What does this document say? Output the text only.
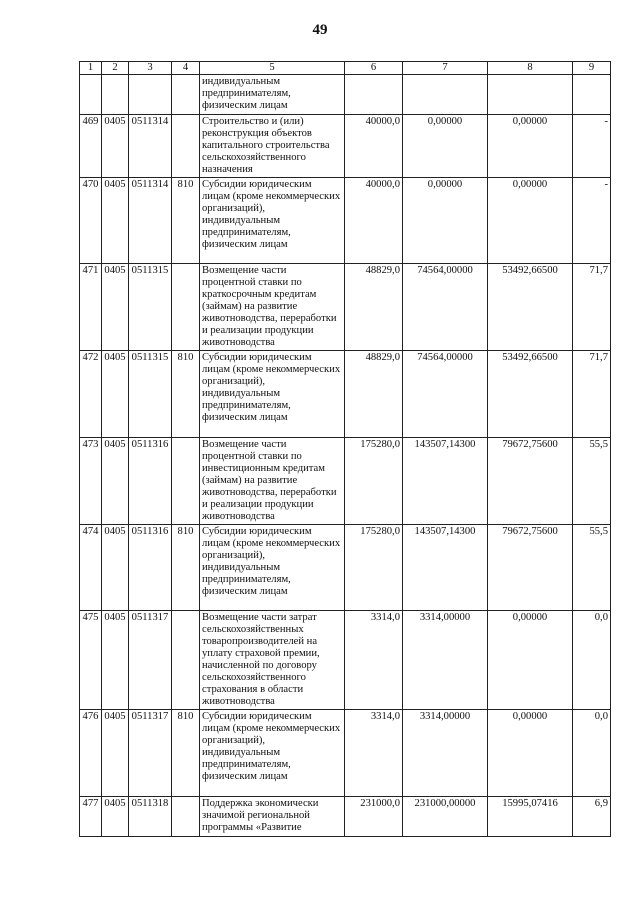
49
1	2	3	4	5	6	7	8	9
				индивидуальным предпринимателям, физическим лицам				
469	0405	0511314		Строительство и (или) реконструкция объектов капитального строительства сельскохозяйственного назначения	40000,0	0,00000	0,00000	-
470	0405	0511314	810	Субсидии юридическим лицам (кроме некоммерческих организаций), индивидуальным предпринимателям, физическим лицам	40000,0	0,00000	0,00000	-
471	0405	0511315		Возмещение части процентной ставки по краткосрочным кредитам (займам) на развитие животноводства, переработки и реализации продукции животноводства	48829,0	74564,00000	53492,66500	71,7
472	0405	0511315	810	Субсидии юридическим лицам (кроме некоммерческих организаций), индивидуальным предпринимателям, физическим лицам	48829,0	74564,00000	53492,66500	71,7
473	0405	0511316		Возмещение части процентной ставки по инвестиционным кредитам (займам) на развитие животноводства, переработки и реализации продукции животноводства	175280,0	143507,14300	79672,75600	55,5
474	0405	0511316	810	Субсидии юридическим лицам (кроме некоммерческих организаций), индивидуальным предпринимателям, физическим лицам	175280,0	143507,14300	79672,75600	55,5
475	0405	0511317		Возмещение части затрат сельскохозяйственных товаропроизводителей на уплату страховой премии, начисленной по договору сельскохозяйственного страхования в области животноводства	3314,0	3314,00000	0,00000	0,0
476	0405	0511317	810	Субсидии юридическим лицам (кроме некоммерческих организаций), индивидуальным предпринимателям, физическим лицам	3314,0	3314,00000	0,00000	0,0
477	0405	0511318		Поддержка экономически значимой региональной программы «Развитие	231000,0	231000,00000	15995,07416	6,9
